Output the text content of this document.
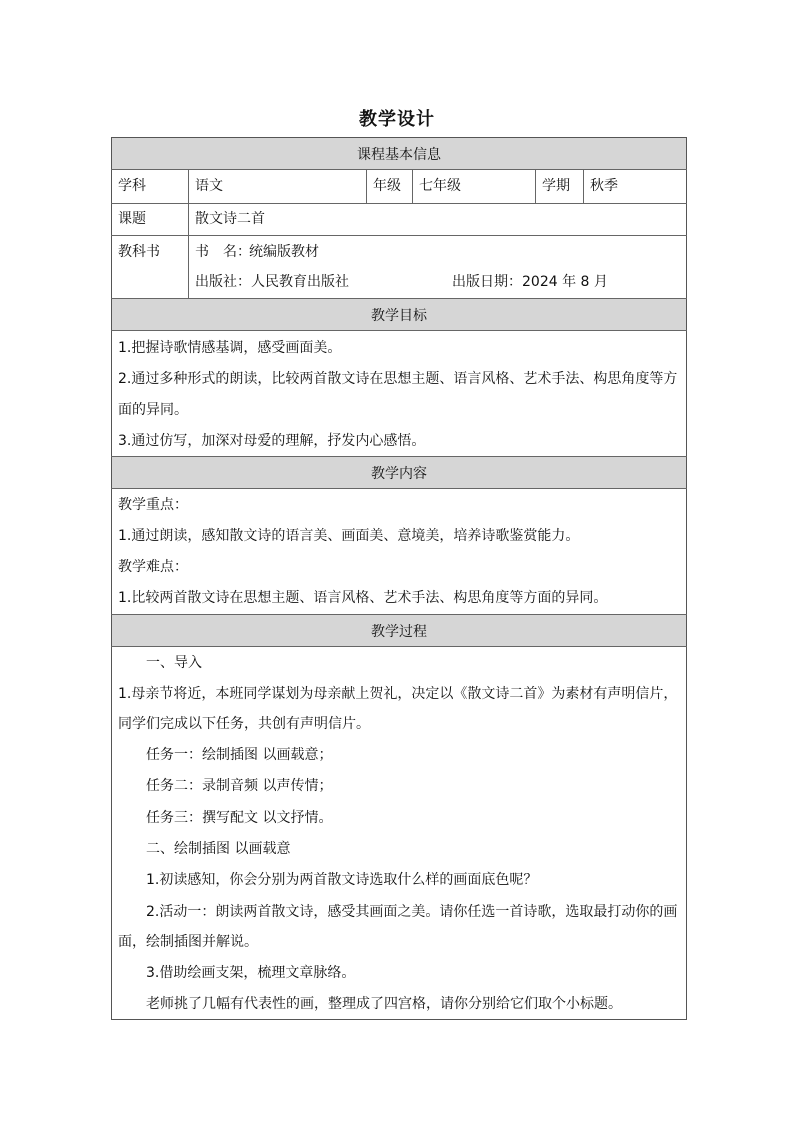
教学设计
课程基本信息
教学目标
教学内容
教学过程
学科	语文	年级 七年级	学期 秋季
课题	散文诗二首
教科书	书　名：
统编版教材
出版社：人民教育出版社	出版日期：2024 年 8 月
1.把握诗歌情感基调，感受画面美。
2.通过多种形式的朗读，比较两首散文诗在思想主题、语言风格、艺术手法、构思角度等方
面的异同。
3.通过仿写，加深对母爱的理解，抒发内心感悟。
教学重点：
1.通过朗读，感知散文诗的语言美、画面美、意境美，培养诗歌鉴赏能力。
教学难点：
1.比较两首散文诗在思想主题、语言风格、艺术手法、构思角度等方面的异同。
一、导入
1.母亲节将近，本班同学谋划为母亲献上贺礼，决定以《散文诗二首》为素材有声明信片，
同学们完成以下任务，共创有声明信片。
任务一：绘制插图 以画载意；
任务二：录制音频 以声传情；
任务三：撰写配文 以文抒情。
二、绘制插图 以画载意
1.初读感知，你会分别为两首散文诗选取什么样的画面底色呢？
2.活动一：朗读两首散文诗，感受其画面之美。请你任选一首诗歌，选取最打动你的画
面，绘制插图并解说。
3.借助绘画支架，梳理文章脉络。
老师挑了几幅有代表性的画，整理成了四宫格，请你分别给它们取个小标题。
